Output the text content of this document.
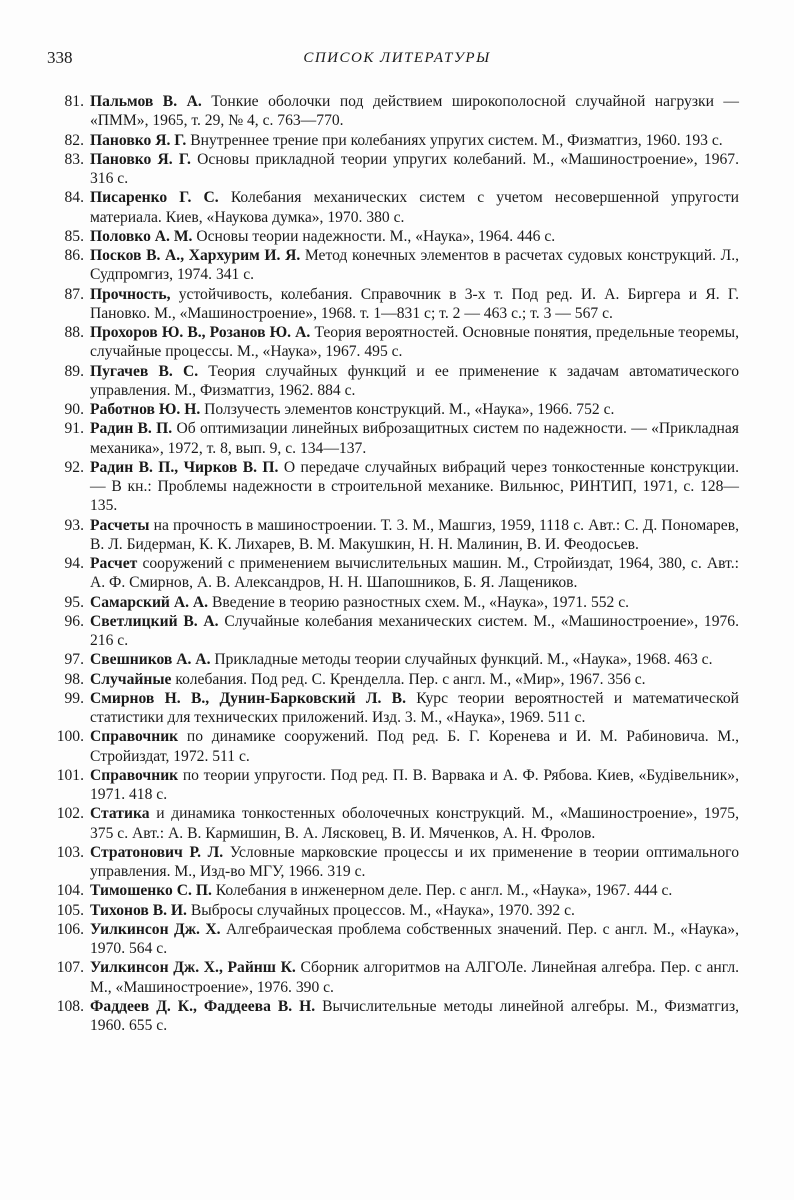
338	СПИСОК ЛИТЕРАТУРЫ
81. Пальмов В. А. Тонкие оболочки под действием широкополосной случайной нагрузки — «ПММ», 1965, т. 29, № 4, с. 763—770.
82. Пановко Я. Г. Внутреннее трение при колебаниях упругих систем. М., Физматгиз, 1960. 193 с.
83. Пановко Я. Г. Основы прикладной теории упругих колебаний. М., «Машиностроение», 1967. 316 с.
84. Писаренко Г. С. Колебания механических систем с учетом несовершенной упругости материала. Киев, «Наукова думка», 1970. 380 с.
85. Половко А. М. Основы теории надежности. М., «Наука», 1964. 446 с.
86. Посков В. А., Хархурим И. Я. Метод конечных элементов в расчетах судовых конструкций. Л., Судпромгиз, 1974. 341 с.
87. Прочность, устойчивость, колебания. Справочник в 3-х т. Под ред. И. А. Биргера и Я. Г. Пановко. М., «Машиностроение», 1968. т. 1—831 с; т. 2 — 463 с.; т. 3 — 567 с.
88. Прохоров Ю. В., Розанов Ю. А. Теория вероятностей. Основные понятия, предельные теоремы, случайные процессы. М., «Наука», 1967. 495 с.
89. Пугачев В. С. Теория случайных функций и ее применение к задачам автоматического управления. М., Физматгиз, 1962. 884 с.
90. Работнов Ю. Н. Ползучесть элементов конструкций. М., «Наука», 1966. 752 с.
91. Радин В. П. Об оптимизации линейных виброзащитных систем по надежности. — «Прикладная механика», 1972, т. 8, вып. 9, с. 134—137.
92. Радин В. П., Чирков В. П. О передаче случайных вибраций через тонкостенные конструкции. — В кн.: Проблемы надежности в строительной механике. Вильнюс, РИНТИП, 1971, с. 128—135.
93. Расчеты на прочность в машиностроении. Т. 3. М., Машгиз, 1959, 1118 с. Авт.: С. Д. Пономарев, В. Л. Бидерман, К. К. Лихарев, В. М. Макушкин, Н. Н. Малинин, В. И. Феодосьев.
94. Расчет сооружений с применением вычислительных машин. М., Стройиздат, 1964, 380, с. Авт.: А. Ф. Смирнов, А. В. Александров, Н. Н. Шапошников, Б. Я. Лащеников.
95. Самарский А. А. Введение в теорию разностных схем. М., «Наука», 1971. 552 с.
96. Светлицкий В. А. Случайные колебания механических систем. М., «Машиностроение», 1976. 216 с.
97. Свешников А. А. Прикладные методы теории случайных функций. М., «Наука», 1968. 463 с.
98. Случайные колебания. Под ред. С. Кренделла. Пер. с англ. М., «Мир», 1967. 356 с.
99. Смирнов Н. В., Дунин-Барковский Л. В. Курс теории вероятностей и математической статистики для технических приложений. Изд. 3. М., «Наука», 1969. 511 с.
100. Справочник по динамике сооружений. Под ред. Б. Г. Коренева и И. М. Рабиновича. М., Стройиздат, 1972. 511 с.
101. Справочник по теории упругости. Под ред. П. В. Варвака и А. Ф. Рябова. Киев, «Будівельник», 1971. 418 с.
102. Статика и динамика тонкостенных оболочечных конструкций. М., «Машиностроение», 1975, 375 с. Авт.: А. В. Кармишин, В. А. Лясковец, В. И. Мяченков, А. Н. Фролов.
103. Стратонович Р. Л. Условные марковские процессы и их применение в теории оптимального управления. М., Изд-во МГУ, 1966. 319 с.
104. Тимошенко С. П. Колебания в инженерном деле. Пер. с англ. М., «Наука», 1967. 444 с.
105. Тихонов В. И. Выбросы случайных процессов. М., «Наука», 1970. 392 с.
106. Уилкинсон Дж. Х. Алгебраическая проблема собственных значений. Пер. с англ. М., «Наука», 1970. 564 с.
107. Уилкинсон Дж. Х., Райнш К. Сборник алгоритмов на АЛГОЛе. Линейная алгебра. Пер. с англ. М., «Машиностроение», 1976. 390 с.
108. Фаддеев Д. К., Фаддеева В. Н. Вычислительные методы линейной алгебры. М., Физматгиз, 1960. 655 с.
